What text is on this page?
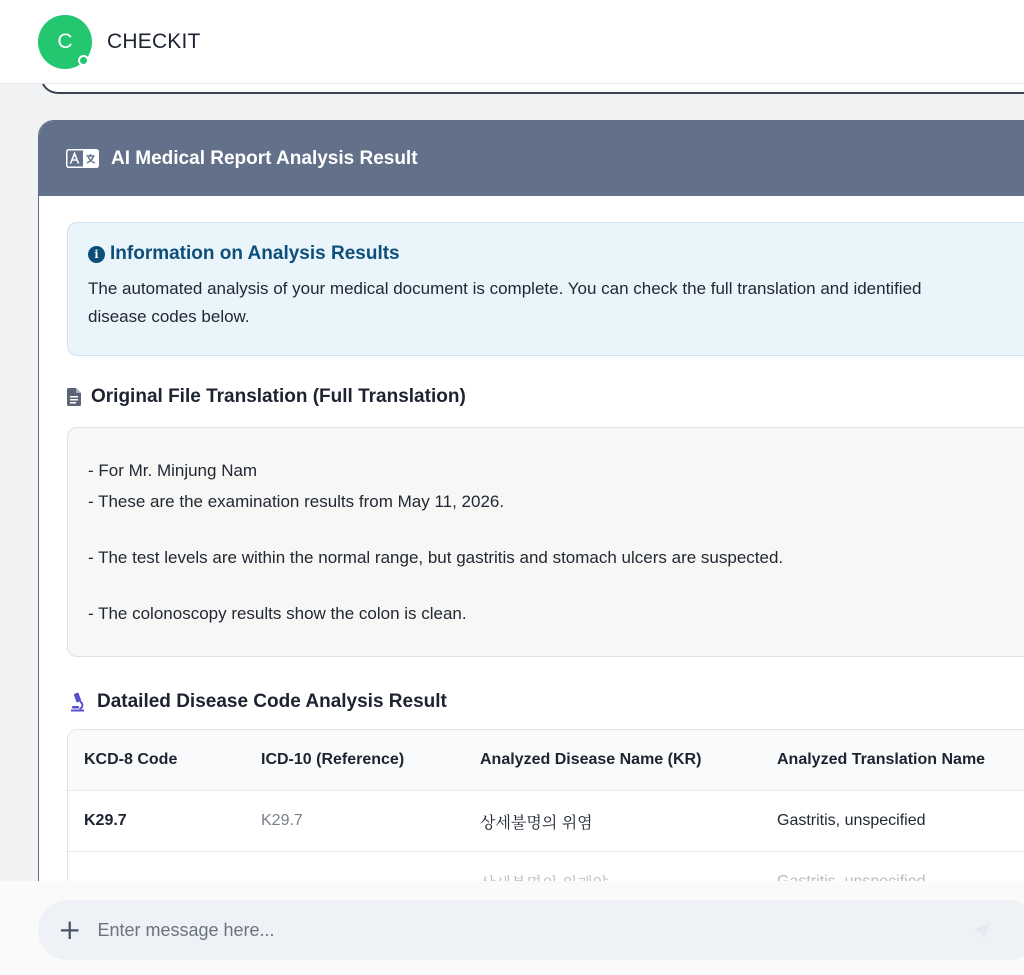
C CHECKIT
AI Medical Report Analysis Result
i Information on Analysis Results

The automated analysis of your medical document is complete. You can check the full translation and identified disease codes below.

Original File Translation (Full Translation)
- For Mr. Minjung Nam
- These are the examination results from May 11, 2026.
- The test levels are within the normal range, but gastritis and stomach ulcers are suspected.
- The colonoscopy results show the colon is clean.
Datailed Disease Code Analysis Result
KCD-8 Code	ICD-10 (Reference)	Analyzed Disease Name (KR)	Analyzed Translation Name
K29.7	K29.7	상세불명의 위염	Gastritis, unspecified
+
Enter message here...
